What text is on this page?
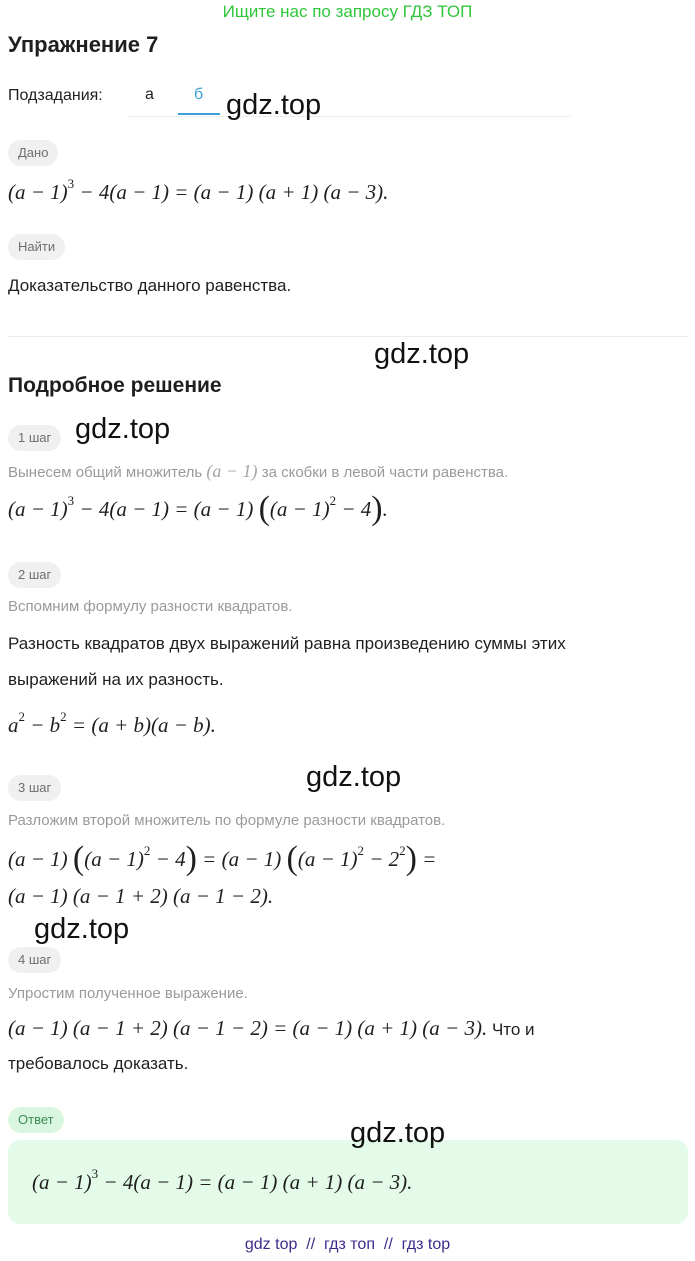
Ищите нас по запросу ГДЗ ТОП
Упражнение 7
Подзадания:	а	б gdz.top
Дано
$(a - 1)^3 - 4(a - 1) = (a - 1)$ (a + 1) (a − 3).
Найти
Доказательство данного равенства.
gdz.top
Подробное решение
1 шаг gdz.top
Вынесем общий множитель (a − 1) за скобки в левой части равенства.
$(a - 1)^3 - 4(a - 1) = (a - 1)$ $((a - 1)^2 - 4)$.
2 шаг
Вспомним формулу разности квадратов.
Разность квадратов двух выражений равна произведению суммы этих
выражений на их разность.
$a^2 - b^2 = (a + b)(a - b)$.
gdz.top
3 шаг
Разложим второй множитель по формуле разности квадратов.
(a − 1) $((a - 1)^2 - 4) = (a - 1)$ $((a - 1)^2 - 2^2)$ =
(a − 1) (a − 1 + 2) (a − 1 − 2).
gdz.top
4 шаг
Упростим полученное выражение.
(a − 1) (a − 1 + 2) (a − 1 − 2) = (a − 1) (a + 1) (a − 3). Что и
требовалось доказать.
Ответ	gdz.top
$(a - 1)^3 - 4(a - 1) = (a - 1)$ (a + 1) (a − 3).
gdz top  //  гдз топ  //  гдз top
